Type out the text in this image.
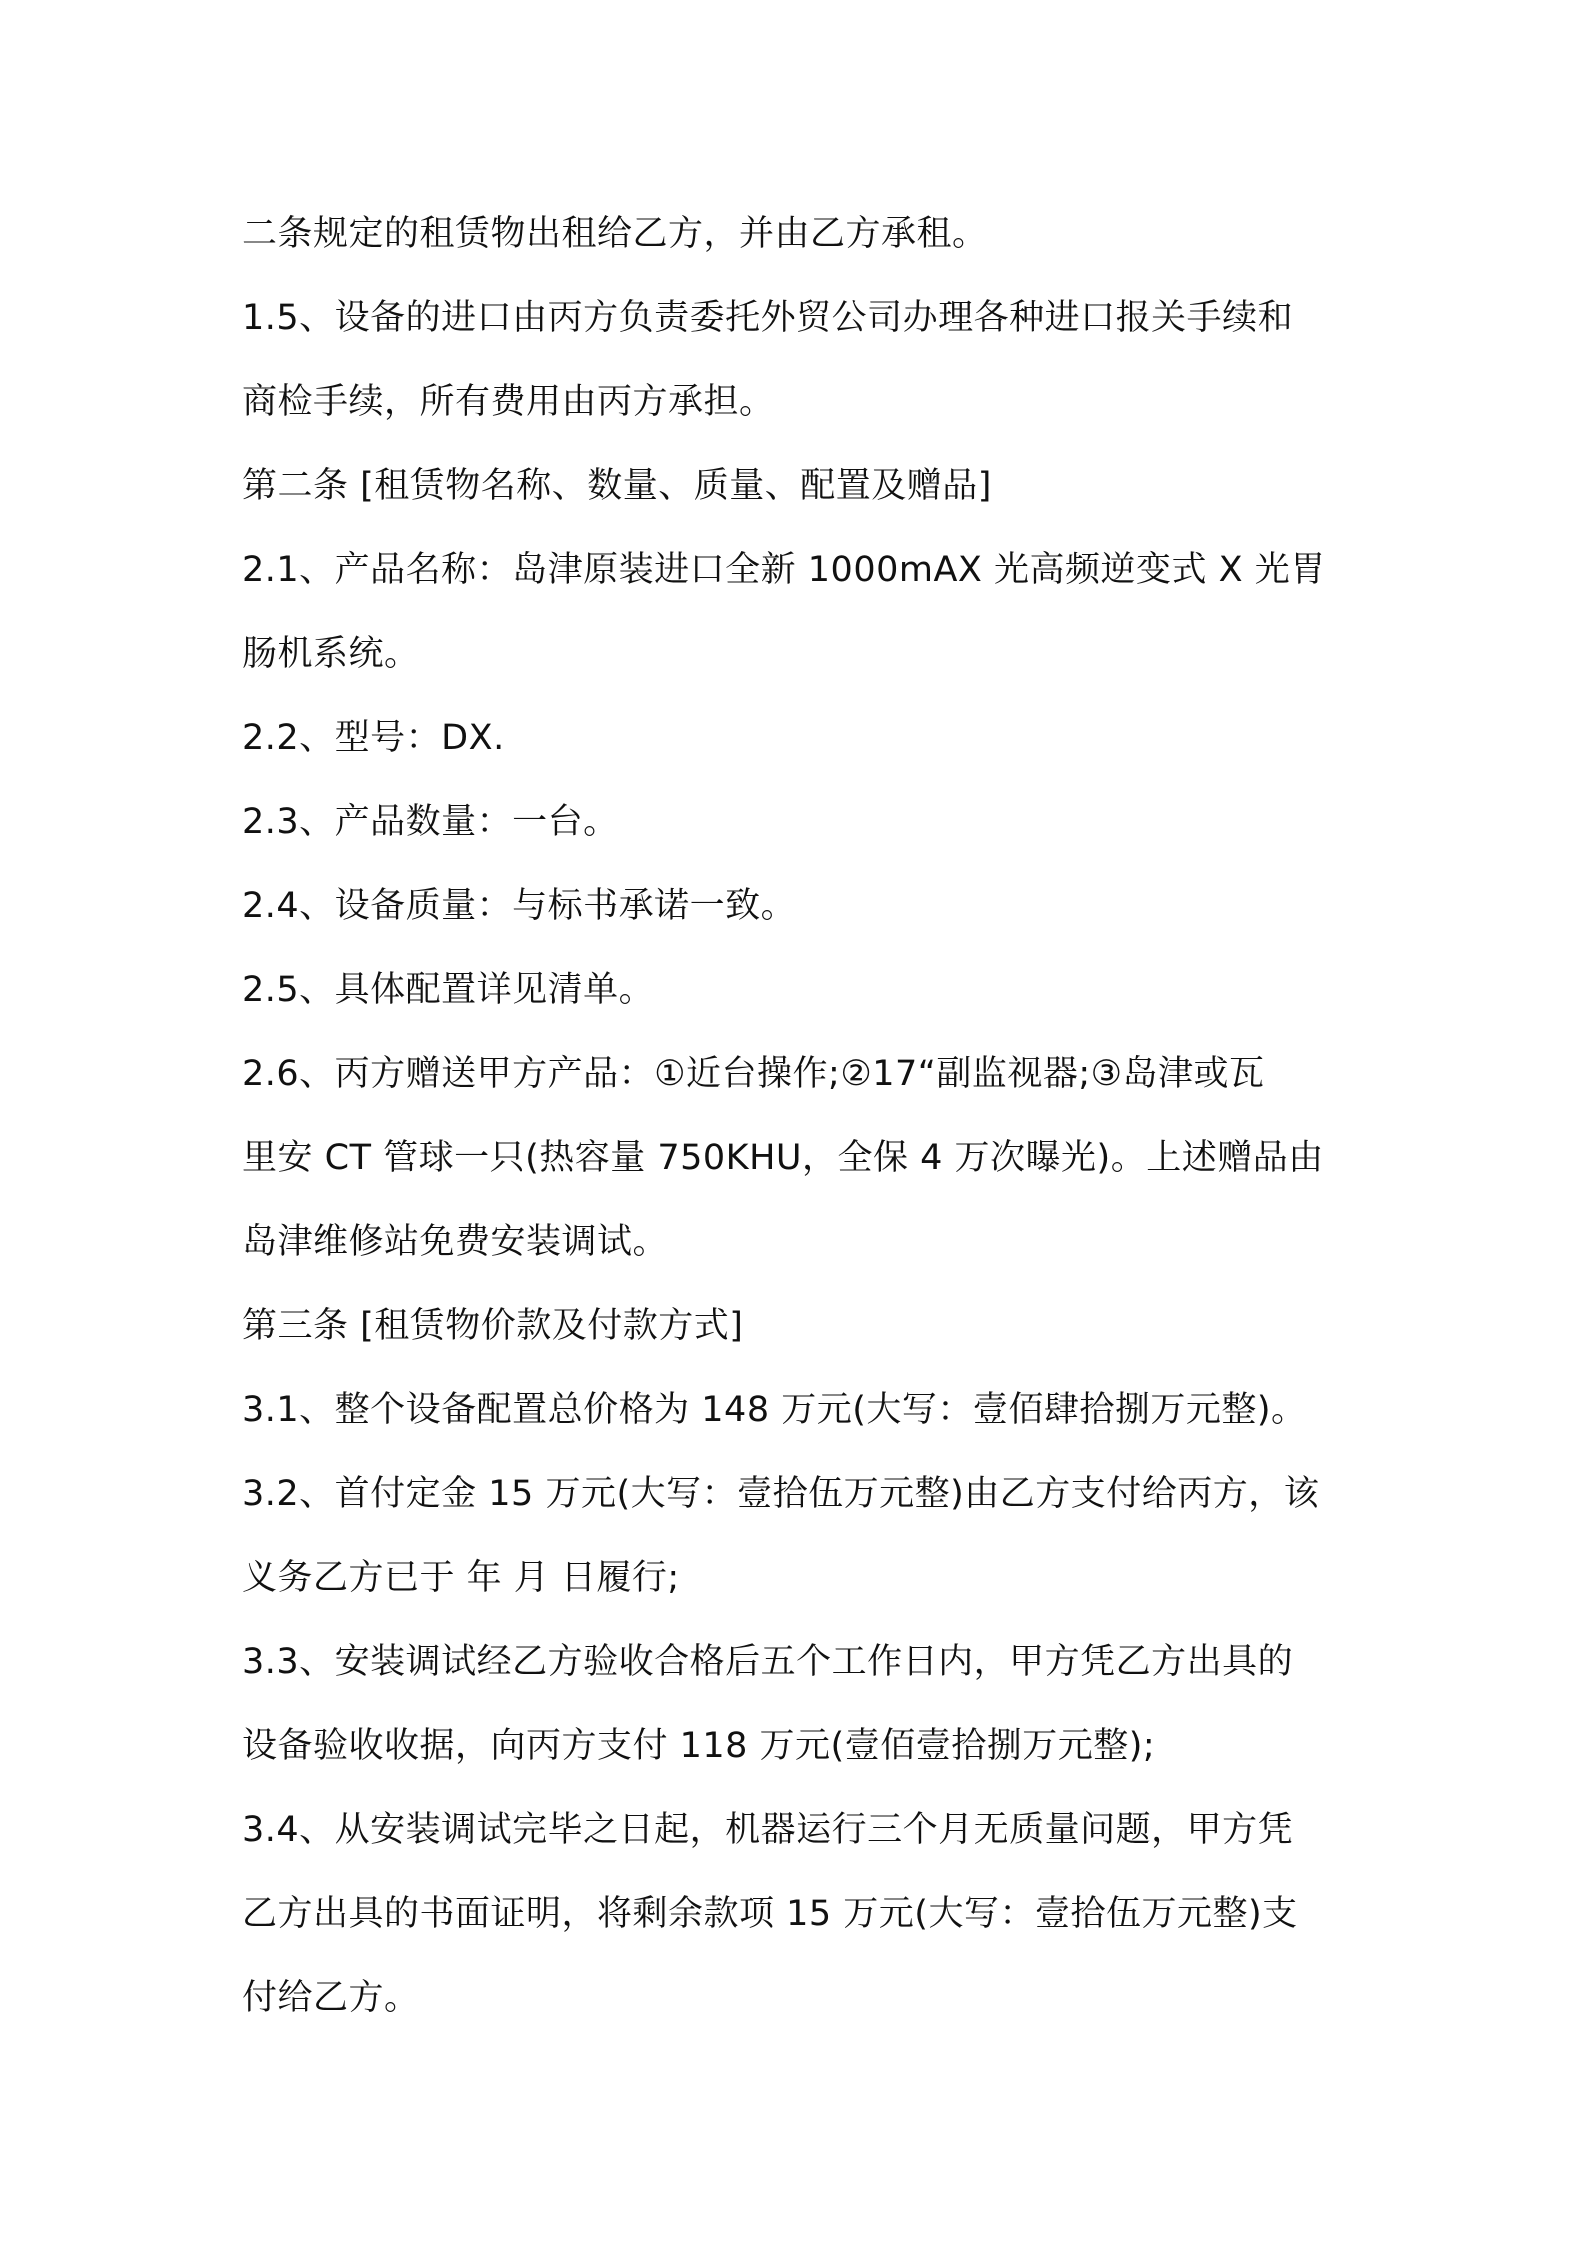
二条规定的租赁物出租给乙方，并由乙方承租。
1.5、设备的进口由丙方负责委托外贸公司办理各种进口报关手续和
商检手续，所有费用由丙方承担。
第二条 [租赁物名称、数量、质量、配置及赠品]
2.1、产品名称：岛津原装进口全新 1000mAX 光高频逆变式 X 光胃
肠机系统。
2.2、型号：DX.
2.3、产品数量：一台。
2.4、设备质量：与标书承诺一致。
2.5、具体配置详见清单。
2.6、丙方赠送甲方产品：①近台操作;②17“副监视器;③岛津或瓦
里安 CT 管球一只(热容量 750KHU，全保 4 万次曝光)。上述赠品由
岛津维修站免费安装调试。
第三条 [租赁物价款及付款方式]
3.1、整个设备配置总价格为 148 万元(大写：壹佰肆拾捌万元整)。
3.2、首付定金 15 万元(大写：壹拾伍万元整)由乙方支付给丙方，该
义务乙方已于 年 月 日履行;
3.3、安装调试经乙方验收合格后五个工作日内，甲方凭乙方出具的
设备验收收据，向丙方支付 118 万元(壹佰壹拾捌万元整);
3.4、从安装调试完毕之日起，机器运行三个月无质量问题，甲方凭
乙方出具的书面证明，将剩余款项 15 万元(大写：壹拾伍万元整)支
付给乙方。
